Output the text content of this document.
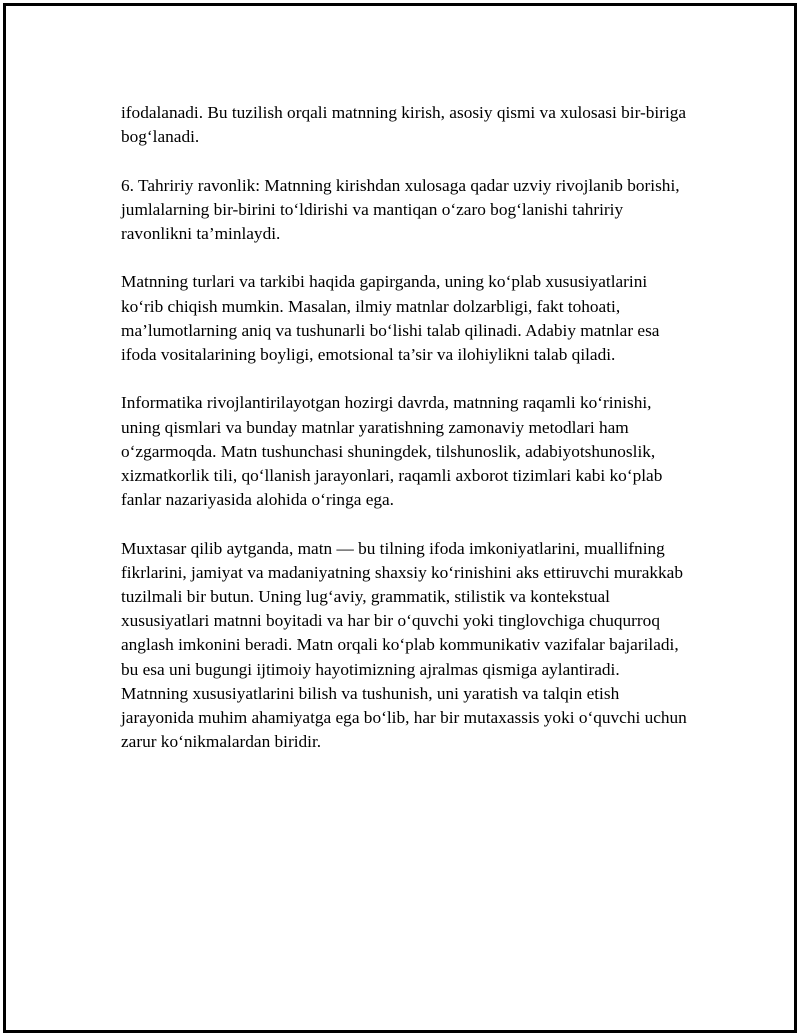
ifodalanadi. Bu tuzilish orqali matnning kirish, asosiy qismi va xulosasi bir-biriga bog‘lanadi.

6. Tahririy ravonlik: Matnning kirishdan xulosaga qadar uzviy rivojlanib borishi, jumlalarning bir-birini to‘ldirishi va mantiqan o‘zaro bog‘lanishi tahririy ravonlikni ta’minlaydi.

Matnning turlari va tarkibi haqida gapirganda, uning ko‘plab xususiyatlarini ko‘rib chiqish mumkin. Masalan, ilmiy matnlar dolzarbligi, fakt tohoati, ma’lumotlarning aniq va tushunarli bo‘lishi talab qilinadi. Adabiy matnlar esa ifoda vositalarining boyligi, emotsional ta’sir va ilohiylikni talab qiladi.

Informatika rivojlantirilayotgan hozirgi davrda, matnning raqamli ko‘rinishi, uning qismlari va bunday matnlar yaratishning zamonaviy metodlari ham o‘zgarmoqda. Matn tushunchasi shuningdek, tilshunoslik, adabiyotshunoslik, xizmatkorlik tili, qo‘llanish jarayonlari, raqamli axborot tizimlari kabi ko‘plab fanlar nazariyasida alohida o‘ringa ega.

Muxtasar qilib aytganda, matn — bu tilning ifoda imkoniyatlarini, muallifning fikrlarini, jamiyat va madaniyatning shaxsiy ko‘rinishini aks ettiruvchi murakkab tuzilmali bir butun. Uning lug‘aviy, grammatik, stilistik va kontekstual xususiyatlari matnni boyitadi va har bir o‘quvchi yoki tinglovchiga chuqurroq anglash imkonini beradi. Matn orqali ko‘plab kommunikativ vazifalar bajariladi, bu esa uni bugungi ijtimoiy hayotimizning ajralmas qismiga aylantiradi. Matnning xususiyatlarini bilish va tushunish, uni yaratish va talqin etish jarayonida muhim ahamiyatga ega bo‘lib, har bir mutaxassis yoki o‘quvchi uchun zarur ko‘nikmalardan biridir.
